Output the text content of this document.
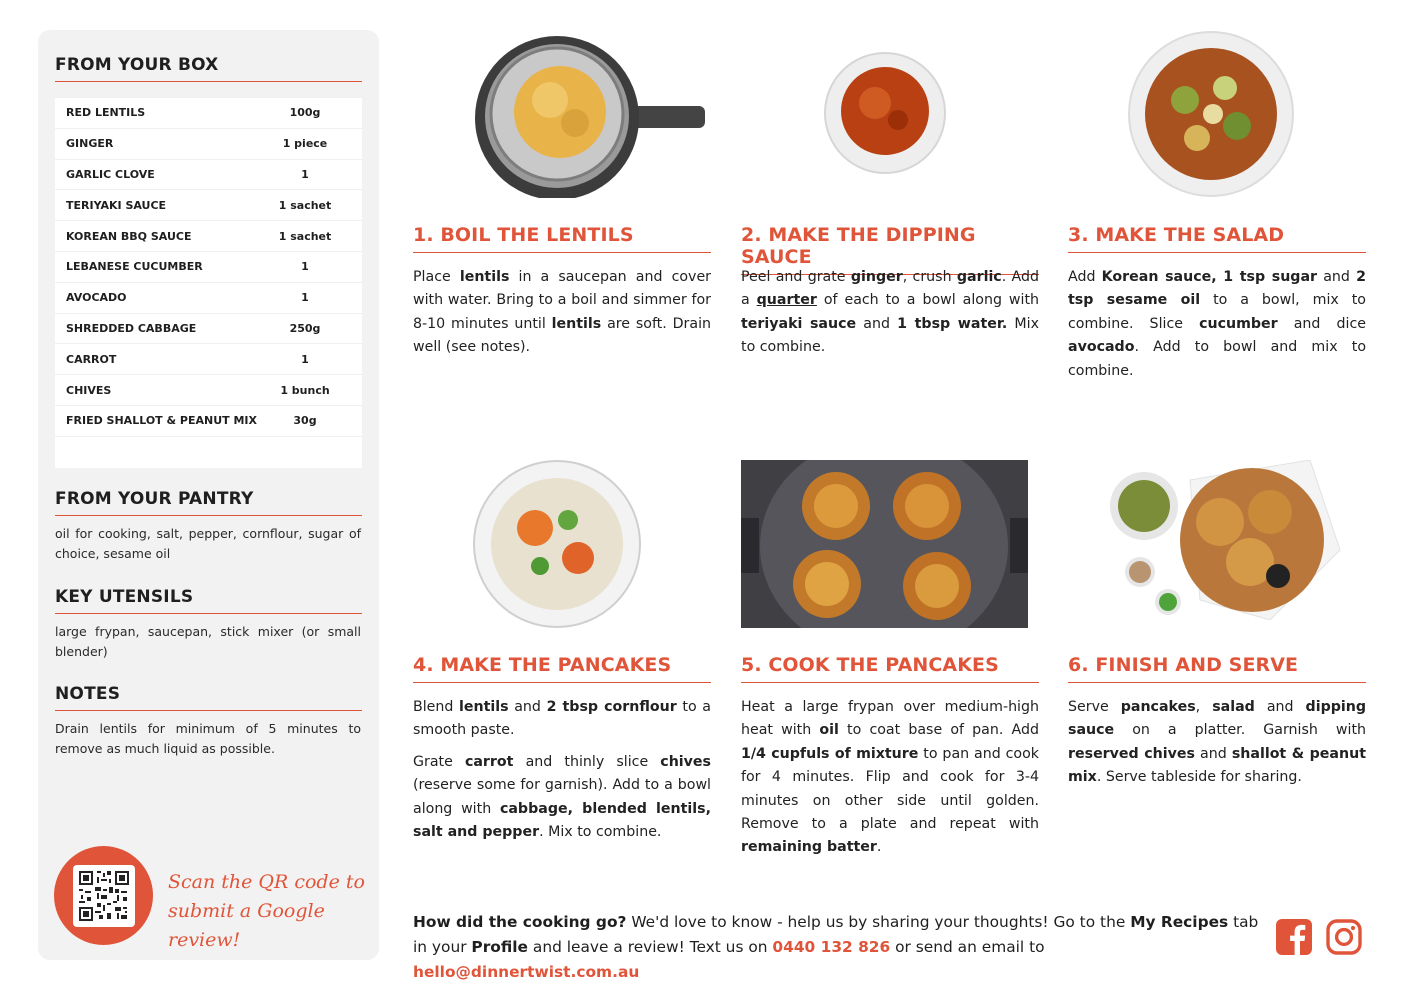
FROM YOUR BOX
RED LENTILS	100g
GINGER	1 piece
GARLIC CLOVE	1
TERIYAKI SAUCE	1 sachet
KOREAN BBQ SAUCE	1 sachet
LEBANESE CUCUMBER	1
AVOCADO	1
SHREDDED CABBAGE	250g
CARROT	1
CHIVES	1 bunch
FRIED SHALLOT & PEANUT MIX	30g
FROM YOUR PANTRY
oil for cooking, salt, pepper, cornflour, sugar of choice, sesame oil
KEY UTENSILS
large frypan, saucepan, stick mixer (or small blender)
NOTES
Drain lentils for minimum of 5 minutes to remove as much liquid as possible.
Scan the QR code to
submit a Google review!
1. BOIL THE LENTILS

Place lentils in a saucepan and cover with water. Bring to a boil and simmer for 8-10 minutes until lentils are soft. Drain well (see notes).

2. MAKE THE DIPPING SAUCE

Peel and grate ginger, crush garlic. Add a quarter of each to a bowl along with teriyaki sauce and 1 tbsp water. Mix to combine.

3. MAKE THE SALAD

Add Korean sauce, 1 tsp sugar and 2 tsp sesame oil to a bowl, mix to combine. Slice cucumber and dice avocado. Add to bowl and mix to combine.

4. MAKE THE PANCAKES

Blend lentils and 2 tbsp cornflour to a smooth paste.

Grate carrot and thinly slice chives (reserve some for garnish). Add to a bowl along with cabbage, blended lentils, salt and pepper. Mix to combine.

5. COOK THE PANCAKES

Heat a large frypan over medium-high heat with oil to coat base of pan. Add 1/4 cupfuls of mixture to pan and cook for 4 minutes. Flip and cook for 3-4 minutes on other side until golden. Remove to a plate and repeat with remaining batter.

6. FINISH AND SERVE

Serve pancakes, salad and dipping sauce on a platter. Garnish with reserved chives and shallot & peanut mix. Serve tableside for sharing.

How did the cooking go? We'd love to know - help us by sharing your thoughts! Go to the My Recipes tab in your Profile and leave a review! Text us on 0440 132 826 or send an email to hello@dinnertwist.com.au
